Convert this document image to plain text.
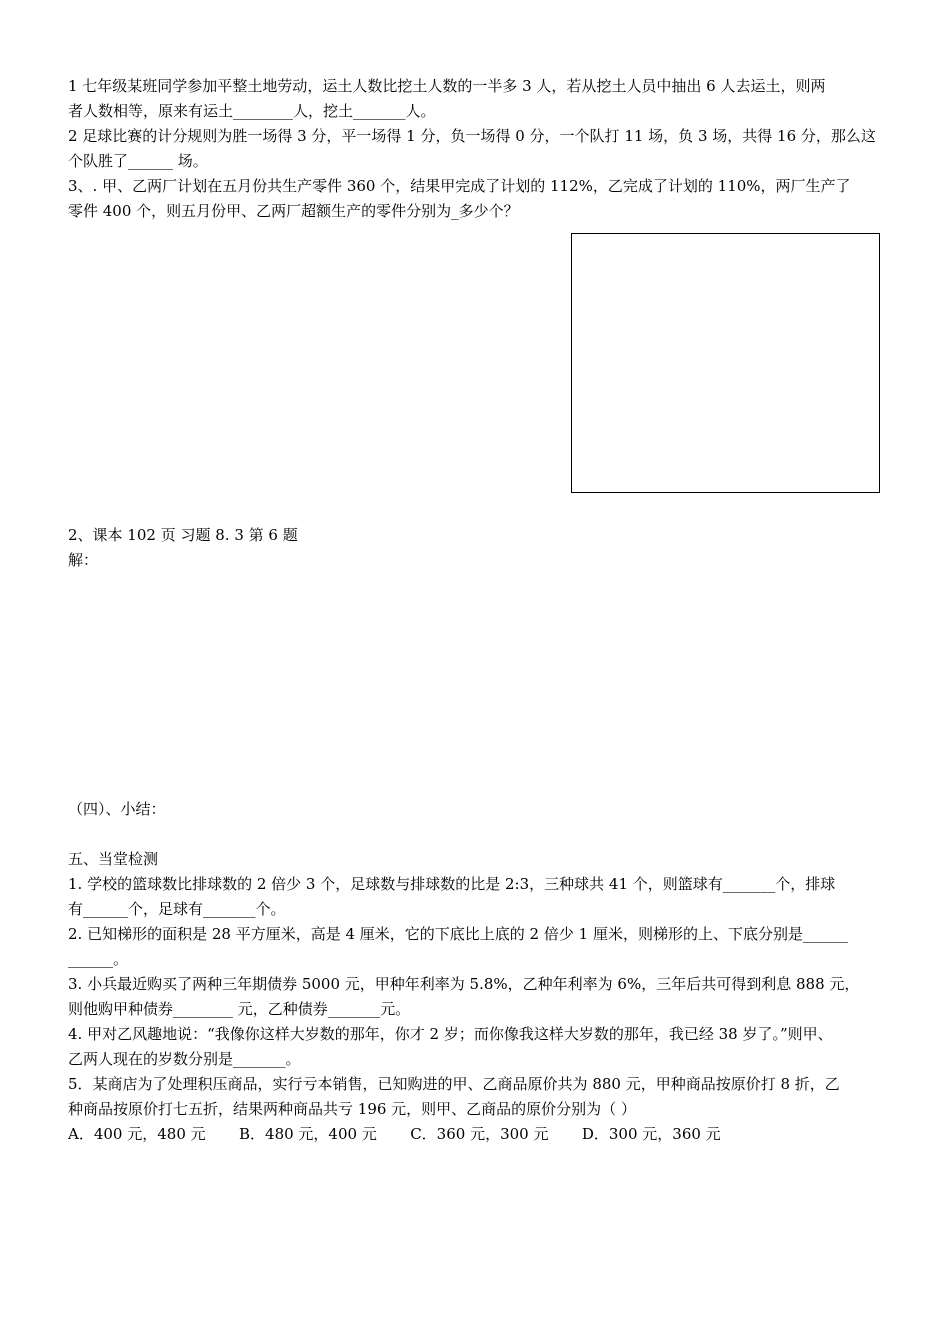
1 七年级某班同学参加平整土地劳动，运土人数比挖土人数的一半多 3 人，若从挖土人员中抽出 6 人去运土，则两
者人数相等，原来有运土________人，挖土_______人。
2 足球比赛的计分规则为胜一场得 3 分，平一场得 1 分，负一场得 0 分，一个队打 11 场，负 3 场，共得 16 分，那么这
个队胜了______ 场。
3、. 甲、乙两厂计划在五月份共生产零件 360 个，结果甲完成了计划的 112%，乙完成了计划的 110%，两厂生产了
零件 400 个，则五月份甲、乙两厂超额生产的零件分别为_多少个？
2、课本 102 页 习题 8. 3 第 6 题
解：
（四）、小结：
五、当堂检测
1. 学校的篮球数比排球数的 2 倍少 3 个，足球数与排球数的比是 2:3，三种球共 41 个，则篮球有_______个，排球
有______个，足球有_______个。
2. 已知梯形的面积是 28 平方厘米，高是 4 厘米，它的下底比上底的 2 倍少 1 厘米，则梯形的上、下底分别是______
______。
3. 小兵最近购买了两种三年期债券 5000 元，甲种年利率为 5.8%，乙种年利率为 6%，三年后共可得到利息 888 元，
则他购甲种债券________ 元，乙种债券_______元。
4. 甲对乙风趣地说：“我像你这样大岁数的那年，你才 2 岁；而你像我这样大岁数的那年，我已经 38 岁了。”则甲、
乙两人现在的岁数分别是_______。
5．某商店为了处理积压商品，实行亏本销售，已知购进的甲、乙商品原价共为 880 元，甲种商品按原价打 8 折，乙
种商品按原价打七五折，结果两种商品共亏 196 元，则甲、乙商品的原价分别为（ ）
A．400 元，480 元       B．480 元，400 元       C．360 元，300 元       D．300 元，360 元
